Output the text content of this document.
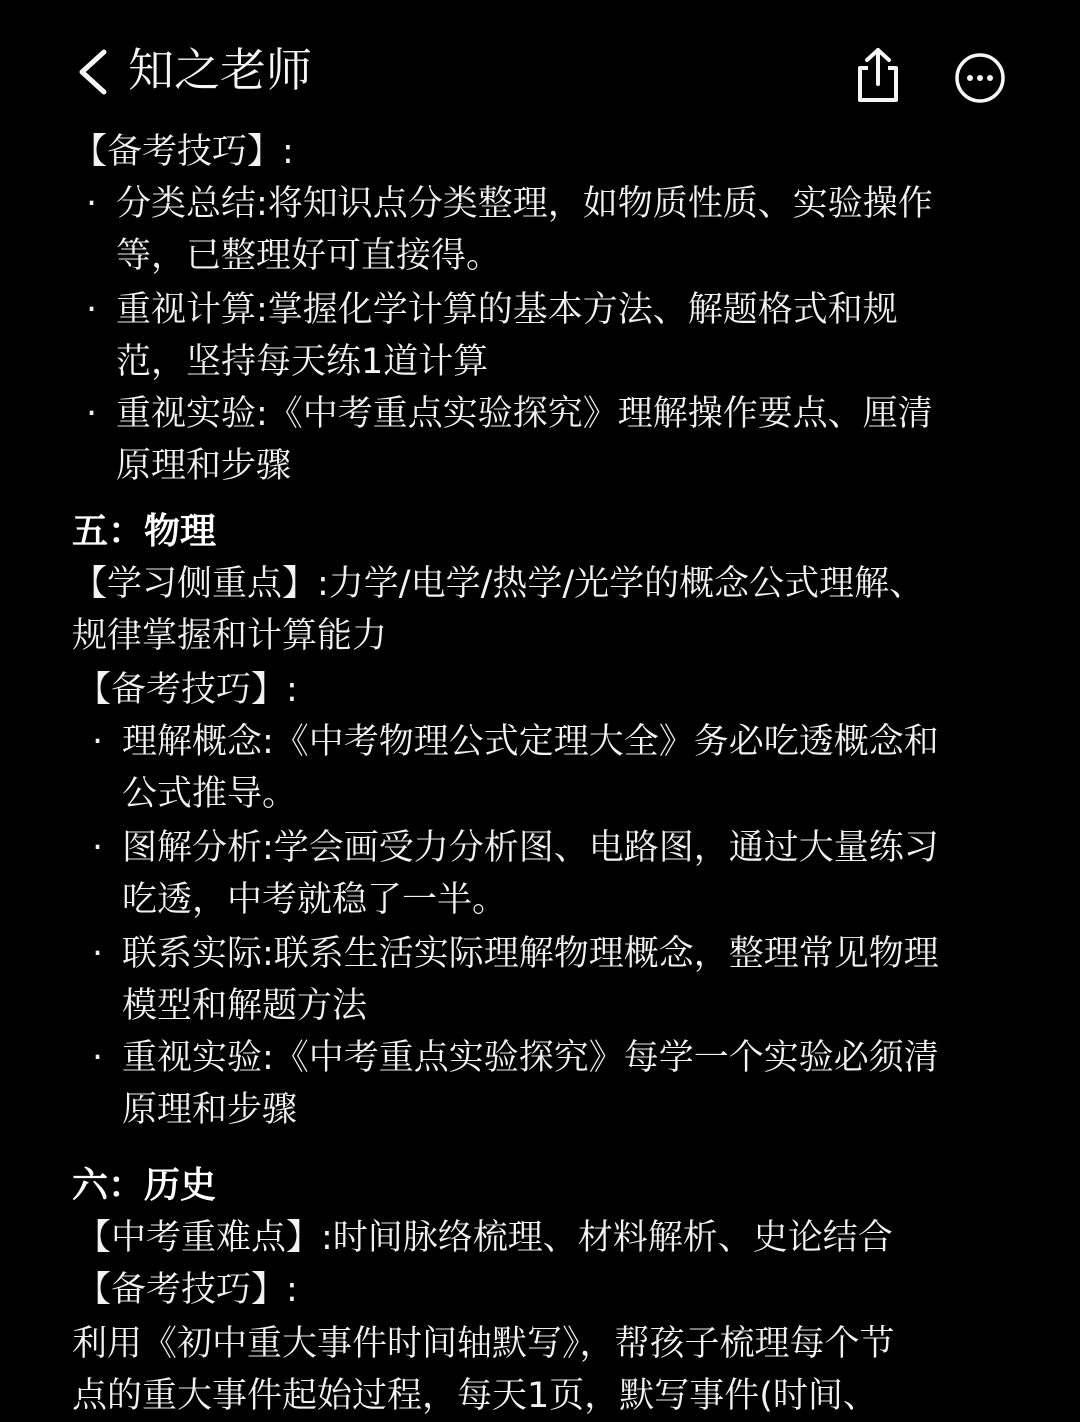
知之老师
【备考技巧】:
· 分类总结:将知识点分类整理，如物质性质、实验操作
等，已整理好可直接得。
· 重视计算:掌握化学计算的基本方法、解题格式和规
范，坚持每天练1道计算
· 重视实验:《中考重点实验探究》理解操作要点、厘清
原理和步骤
五：物理
【学习侧重点】:力学/电学/热学/光学的概念公式理解、
规律掌握和计算能力
【备考技巧】:
· 理解概念:《中考物理公式定理大全》务必吃透概念和
公式推导。
· 图解分析:学会画受力分析图、电路图，通过大量练习
吃透，中考就稳了一半。
· 联系实际:联系生活实际理解物理概念，整理常见物理
模型和解题方法
· 重视实验:《中考重点实验探究》每学一个实验必须清
原理和步骤
六：历史
【中考重难点】:时间脉络梳理、材料解析、史论结合
【备考技巧】:
利用《初中重大事件时间轴默写》，帮孩子梳理每个节
点的重大事件起始过程，每天1页，默写事件(时间、
